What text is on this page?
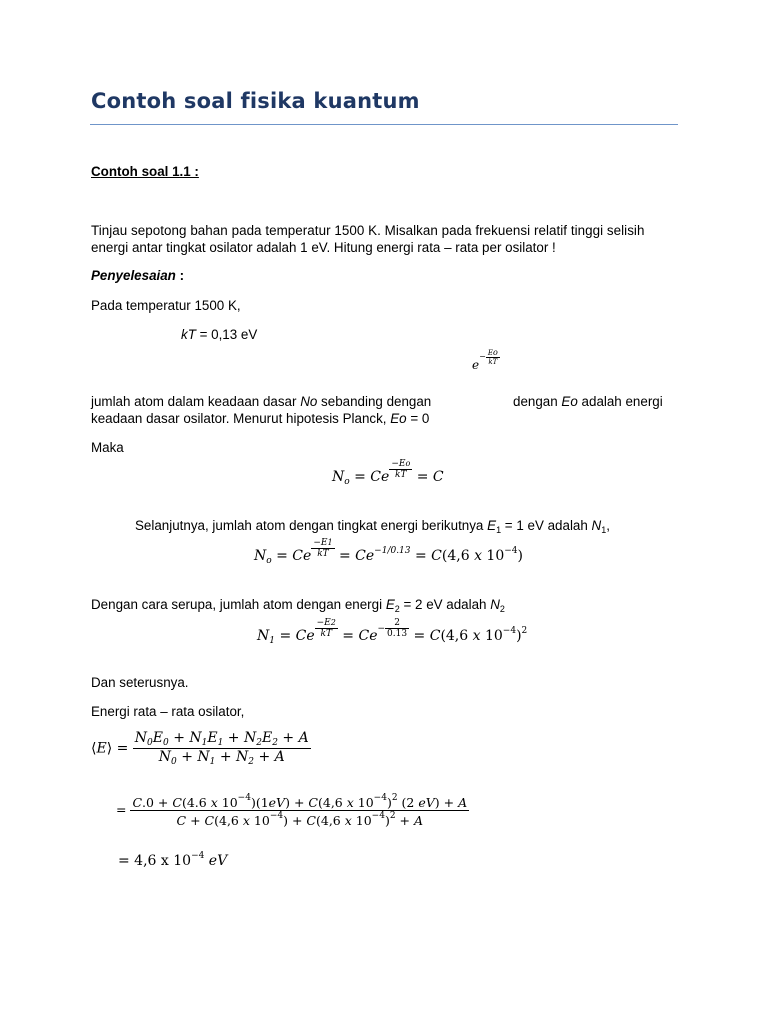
Contoh soal fisika kuantum
Contoh soal 1.1 :
Tinjau sepotong bahan pada temperatur 1500 K. Misalkan pada frekuensi relatif tinggi selisih
energi antar tingkat osilator adalah 1 eV. Hitung energi rata – rata per osilator !
Penyelesaian :
Pada temperatur 1500 K,
kT = 0,13 eV
$e^{- \frac{Eo}{kT}}$
jumlah atom dalam keadaan dasar No sebanding dengan	dengan Eo adalah energi
keadaan dasar osilator. Menurut hipotesis Planck, Eo = 0
Maka
$N_o = Ce$ $^{\frac{-Eo}{kT}}$ = C
Selanjutnya, jumlah atom dengan tingkat energi berikutnya $E_1 = 1$ eV adalah $N_1$,
$N_o = Ce$ $^{\frac{-E1}{kT}} = Ce^{-1/0.13} = C(4,6$ x $10^{-4}$)
Dengan cara serupa, jumlah atom dengan energi $E_2 = 2$ eV adalah $N_2$
$N_1 = Ce$ $^{\frac{-E2}{kT}} = Ce^{- \frac{2}{0.13}} = C(4,6$ x $10^{-4})^2$
Dan seterusnya.
Energi rata – rata osilator,
⟨E⟩ = $\frac{N_0E_0 + N_1E_1 + N_2E_2 + A}{N_0 + N_1 + N_2 + A}$
= $\frac{C.0 + C(4.6 x 10^{-4})(1eV) + C(4,6 x 10^{-4})^2 (2 eV) + A}{C + C(4,6 x 10^{-4}) + C(4,6 x 10^{-4})^2 + A}$
= 4,6 x $10^{-4}$ eV
